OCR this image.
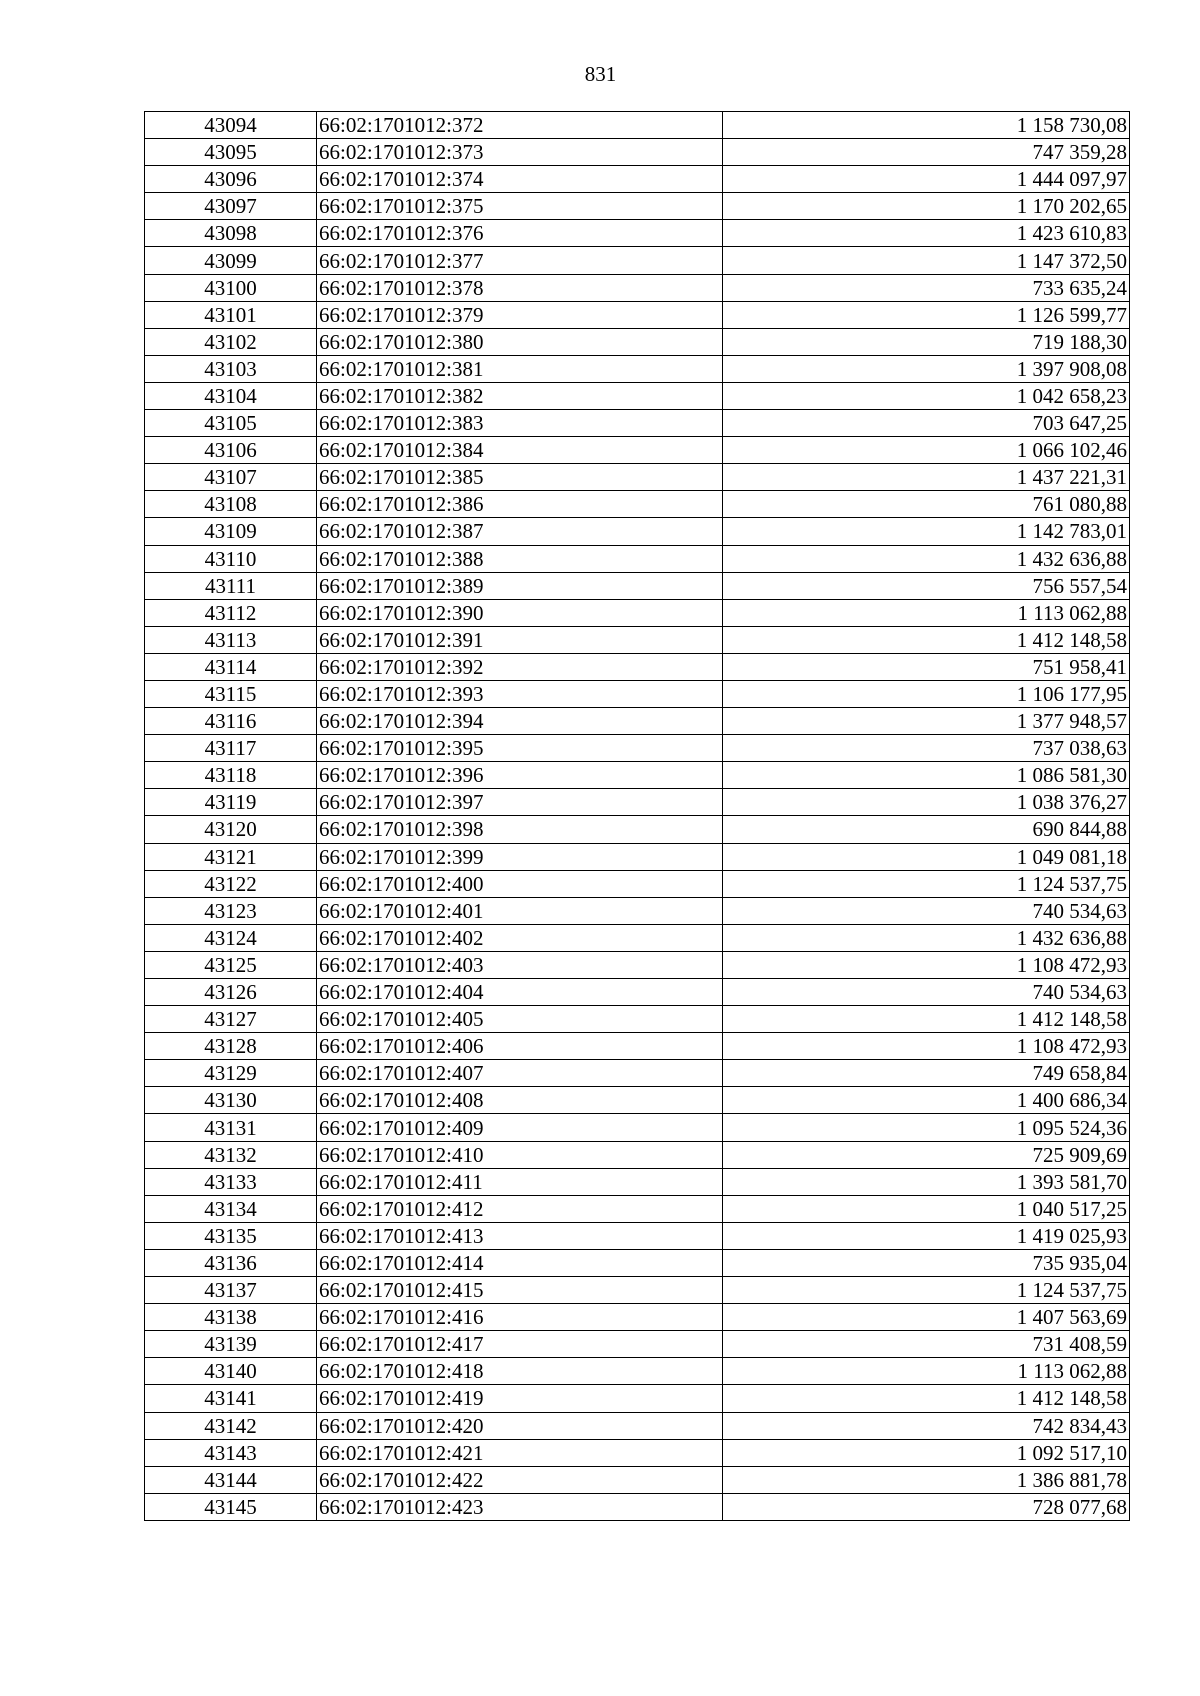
831
43094	66:02:1701012:372	1 158 730,08
43095	66:02:1701012:373	747 359,28
43096	66:02:1701012:374	1 444 097,97
43097	66:02:1701012:375	1 170 202,65
43098	66:02:1701012:376	1 423 610,83
43099	66:02:1701012:377	1 147 372,50
43100	66:02:1701012:378	733 635,24
43101	66:02:1701012:379	1 126 599,77
43102	66:02:1701012:380	719 188,30
43103	66:02:1701012:381	1 397 908,08
43104	66:02:1701012:382	1 042 658,23
43105	66:02:1701012:383	703 647,25
43106	66:02:1701012:384	1 066 102,46
43107	66:02:1701012:385	1 437 221,31
43108	66:02:1701012:386	761 080,88
43109	66:02:1701012:387	1 142 783,01
43110	66:02:1701012:388	1 432 636,88
43111	66:02:1701012:389	756 557,54
43112	66:02:1701012:390	1 113 062,88
43113	66:02:1701012:391	1 412 148,58
43114	66:02:1701012:392	751 958,41
43115	66:02:1701012:393	1 106 177,95
43116	66:02:1701012:394	1 377 948,57
43117	66:02:1701012:395	737 038,63
43118	66:02:1701012:396	1 086 581,30
43119	66:02:1701012:397	1 038 376,27
43120	66:02:1701012:398	690 844,88
43121	66:02:1701012:399	1 049 081,18
43122	66:02:1701012:400	1 124 537,75
43123	66:02:1701012:401	740 534,63
43124	66:02:1701012:402	1 432 636,88
43125	66:02:1701012:403	1 108 472,93
43126	66:02:1701012:404	740 534,63
43127	66:02:1701012:405	1 412 148,58
43128	66:02:1701012:406	1 108 472,93
43129	66:02:1701012:407	749 658,84
43130	66:02:1701012:408	1 400 686,34
43131	66:02:1701012:409	1 095 524,36
43132	66:02:1701012:410	725 909,69
43133	66:02:1701012:411	1 393 581,70
43134	66:02:1701012:412	1 040 517,25
43135	66:02:1701012:413	1 419 025,93
43136	66:02:1701012:414	735 935,04
43137	66:02:1701012:415	1 124 537,75
43138	66:02:1701012:416	1 407 563,69
43139	66:02:1701012:417	731 408,59
43140	66:02:1701012:418	1 113 062,88
43141	66:02:1701012:419	1 412 148,58
43142	66:02:1701012:420	742 834,43
43143	66:02:1701012:421	1 092 517,10
43144	66:02:1701012:422	1 386 881,78
43145	66:02:1701012:423	728 077,68
